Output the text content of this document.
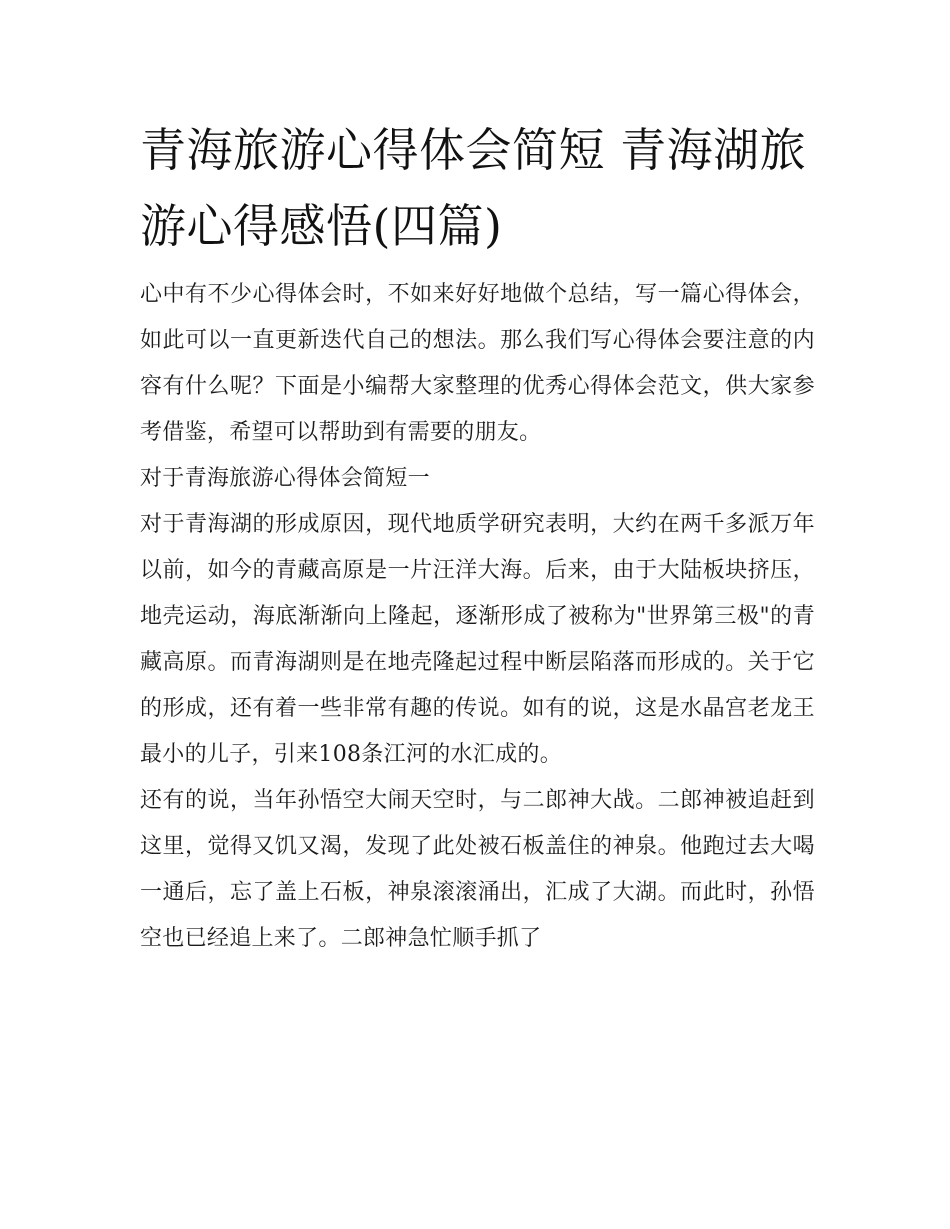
青海旅游心得体会简短 青海湖旅游心得感悟(四篇)

心中有不少心得体会时，不如来好好地做个总结，写一篇心得体会，如此可以一直更新迭代自己的想法。那么我们写心得体会要注意的内容有什么呢？下面是小编帮大家整理的优秀心得体会范文，供大家参考借鉴，希望可以帮助到有需要的朋友。

对于青海旅游心得体会简短一

对于青海湖的形成原因，现代地质学研究表明，大约在两千多派万年以前，如今的青藏高原是一片汪洋大海。后来，由于大陆板块挤压，地壳运动，海底渐渐向上隆起，逐渐形成了被称为"世界第三极"的青藏高原。而青海湖则是在地壳隆起过程中断层陷落而形成的。关于它的形成，还有着一些非常有趣的传说。如有的说，这是水晶宫老龙王最小的儿子，引来108条江河的水汇成的。

还有的说，当年孙悟空大闹天空时，与二郎神大战。二郎神被追赶到这里，觉得又饥又渴，发现了此处被石板盖住的神泉。他跑过去大喝一通后，忘了盖上石板，神泉滚滚涌出，汇成了大湖。而此时，孙悟空也已经追上来了。二郎神急忙顺手抓了
